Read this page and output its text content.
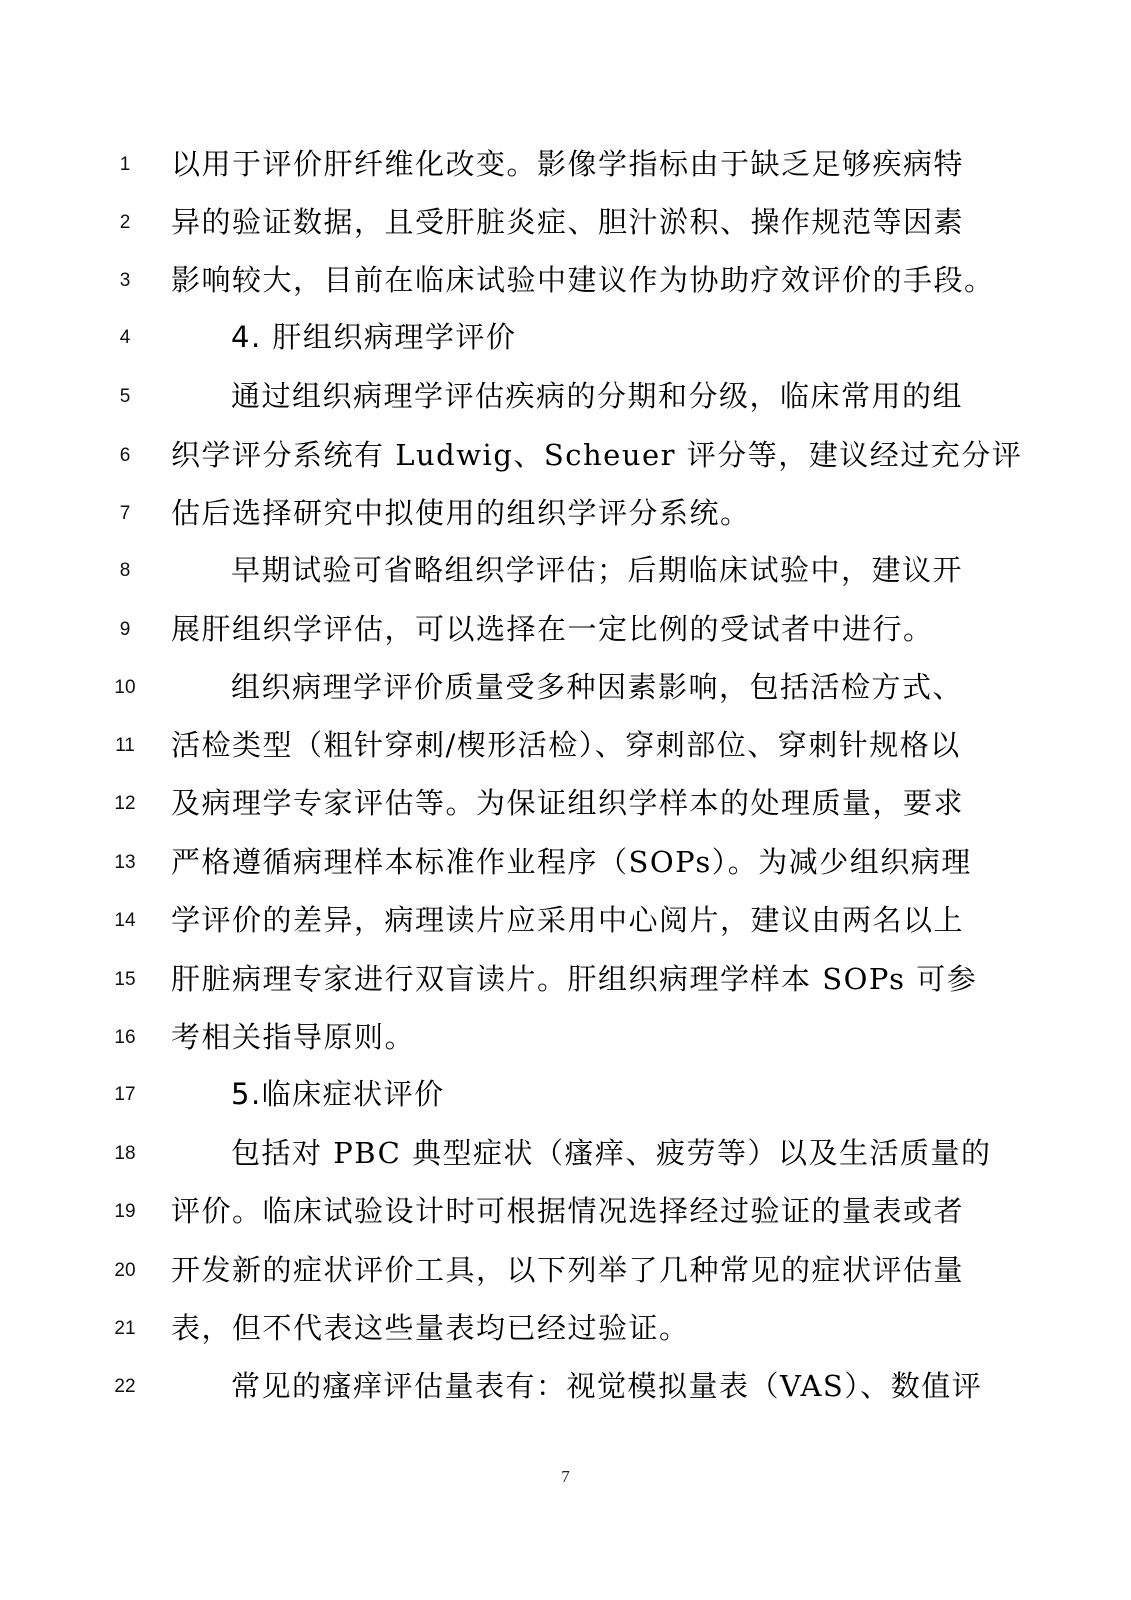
1	以用于评价肝纤维化改变。影像学指标由于缺乏足够疾病特
2	异的验证数据，且受肝脏炎症、胆汁淤积、操作规范等因素
3	影响较大，目前在临床试验中建议作为协助疗效评价的手段。
4	4. 肝组织病理学评价
5	通过组织病理学评估疾病的分期和分级，临床常用的组
6	织学评分系统有 Ludwig、Scheuer 评分等，建议经过充分评
7	估后选择研究中拟使用的组织学评分系统。
8	早期试验可省略组织学评估；后期临床试验中，建议开
9	展肝组织学评估，可以选择在一定比例的受试者中进行。
10	组织病理学评价质量受多种因素影响，包括活检方式、
11	活检类型（粗针穿刺/楔形活检）、穿刺部位、穿刺针规格以
12	及病理学专家评估等。为保证组织学样本的处理质量，要求
13	严格遵循病理样本标准作业程序（SOPs）。为减少组织病理
14	学评价的差异，病理读片应采用中心阅片，建议由两名以上
15	肝脏病理专家进行双盲读片。肝组织病理学样本 SOPs 可参
16	考相关指导原则。
17	5.临床症状评价
18	包括对 PBC 典型症状（瘙痒、疲劳等）以及生活质量的
19	评价。临床试验设计时可根据情况选择经过验证的量表或者
20	开发新的症状评价工具，以下列举了几种常见的症状评估量
21	表，但不代表这些量表均已经过验证。
22	常见的瘙痒评估量表有：视觉模拟量表（VAS）、数值评
7
